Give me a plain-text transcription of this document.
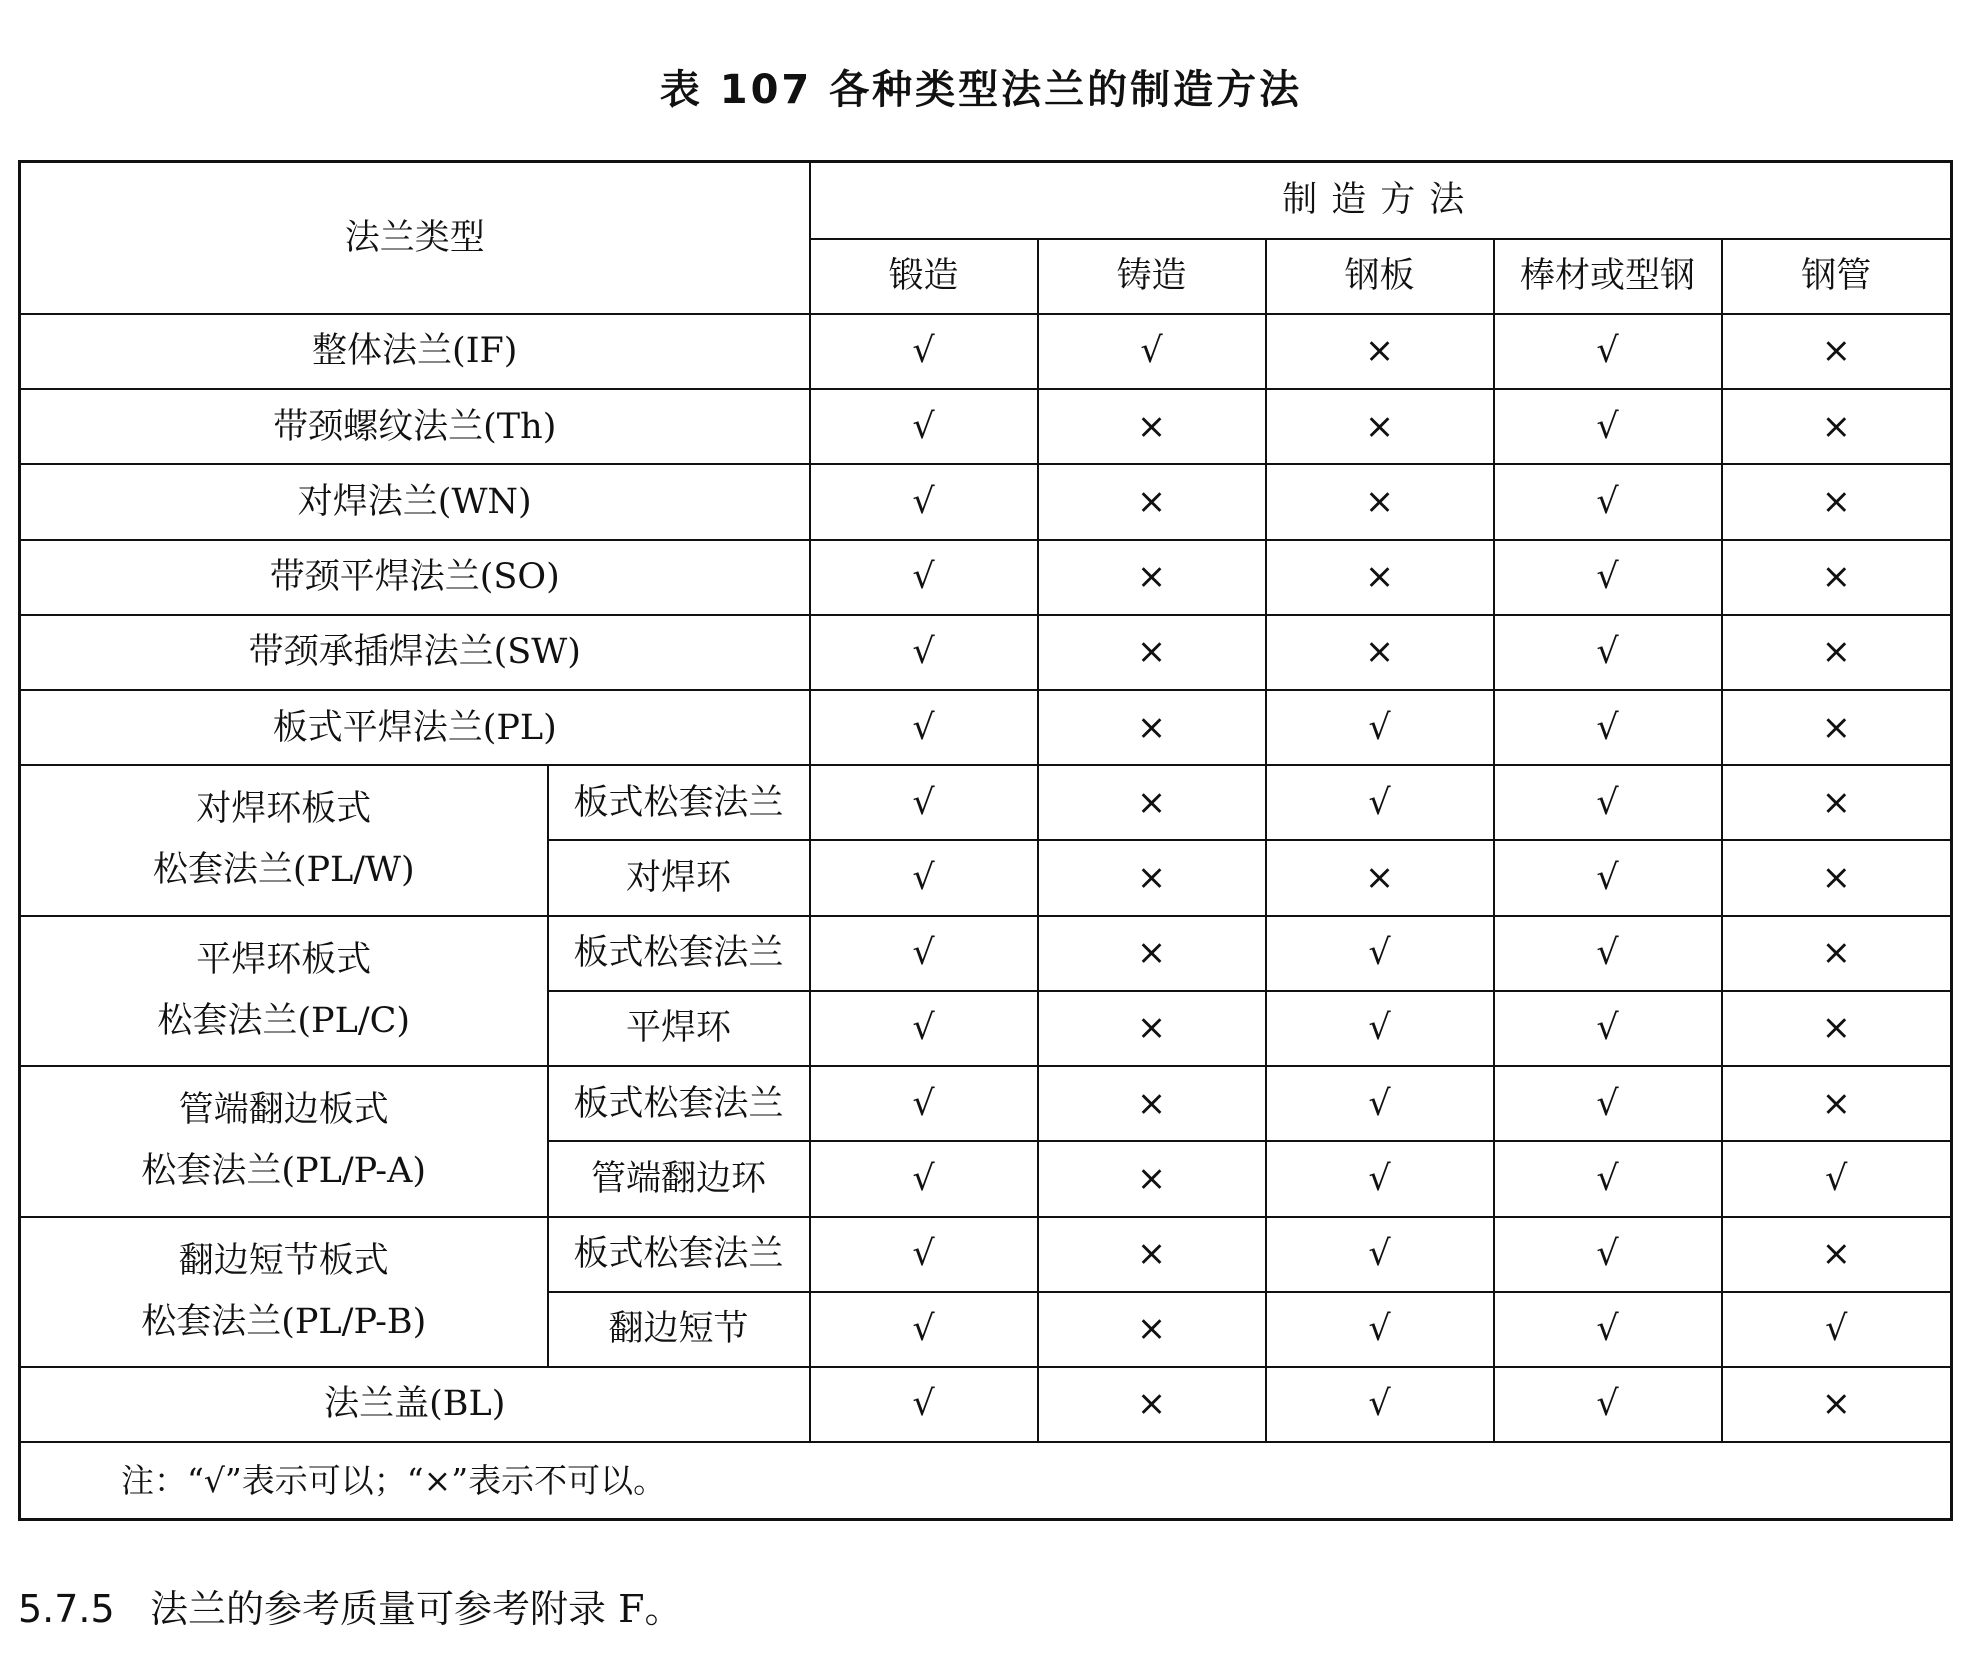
表 107 各种类型法兰的制造方法
法兰类型		制造方法				
		锻造	铸造	钢板	棒材或型钢	钢管
整体法兰(IF)		√	√	×	√	×
带颈螺纹法兰(Th)		√	×	×	√	×
对焊法兰(WN)		√	×	×	√	×
带颈平焊法兰(SO)		√	×	×	√	×
带颈承插焊法兰(SW)		√	×	×	√	×
板式平焊法兰(PL)		√	×	√	√	×

对焊环板式
松套法兰(PL/W)	板式松套法兰	√	×	√	√	×
	对焊环	√	×	×	√	×

平焊环板式
松套法兰(PL/C)	板式松套法兰	√	×	√	√	×
	平焊环	√	×	√	√	×

管端翻边板式
松套法兰(PL/P-A)	板式松套法兰	√	×	√	√	×
	管端翻边环	√	×	√	√	√

翻边短节板式
松套法兰(PL/P-B)	板式松套法兰	√	×	√	√	×
	翻边短节	√	×	√	√	√
法兰盖(BL)		√	×	√	√	×
注：“√”表示可以；“×”表示不可以。						
5.7.5 法兰的参考质量可参考附录 F。
